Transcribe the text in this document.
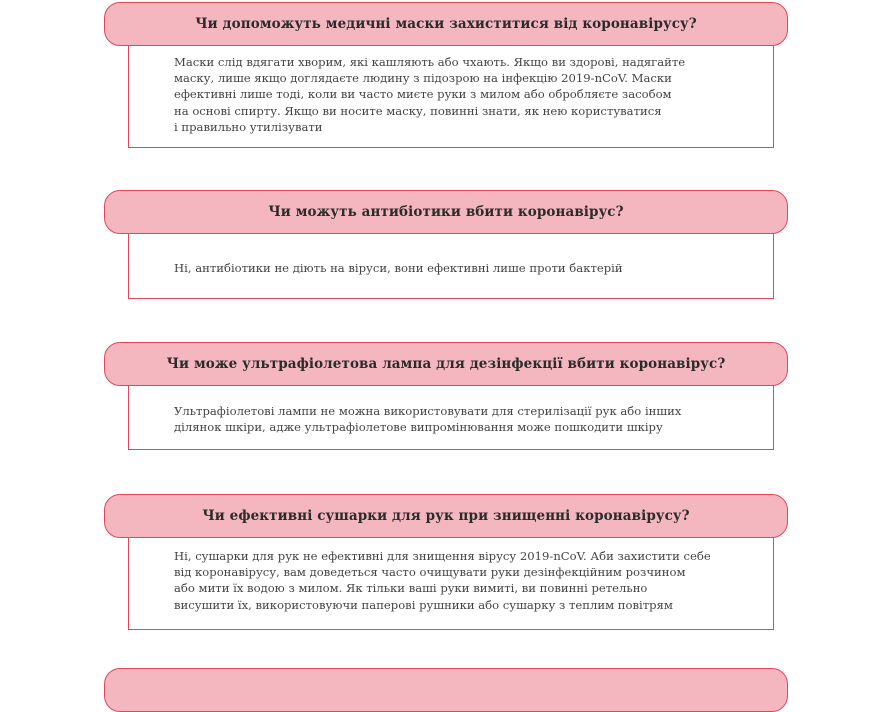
Чи допоможуть медичні маски захиститися від коронавірусу?

Маски слід вдягати хворим, які кашляють або чхають. Якщо ви здорові, надягайте
маску, лише якщо доглядаєте людину з підозрою на інфекцію 2019-nCoV. Маски
ефективні лише тоді, коли ви часто миєте руки з милом або обробляєте засобом
на основі спирту. Якщо ви носите маску, повинні знати, як нею користуватися
і правильно утилізувати

Чи можуть антибіотики вбити коронавірус?

Ні, антибіотики не діють на віруси, вони ефективні лише проти бактерій

Чи може ультрафіолетова лампа для дезінфекції вбити коронавірус?

Ультрафіолетові лампи не можна використовувати для стерилізації рук або інших
ділянок шкіри, адже ультрафіолетове випромінювання може пошкодити шкіру

Чи ефективні сушарки для рук при знищенні коронавірусу?

Ні, сушарки для рук не ефективні для знищення вірусу 2019-nCoV. Аби захистити себе
від коронавірусу, вам доведеться часто очищувати руки дезінфекційним розчином
або мити їх водою з милом. Як тільки ваші руки вимиті, ви повинні ретельно
висушити їх, використовуючи паперові рушники або сушарку з теплим повітрям
